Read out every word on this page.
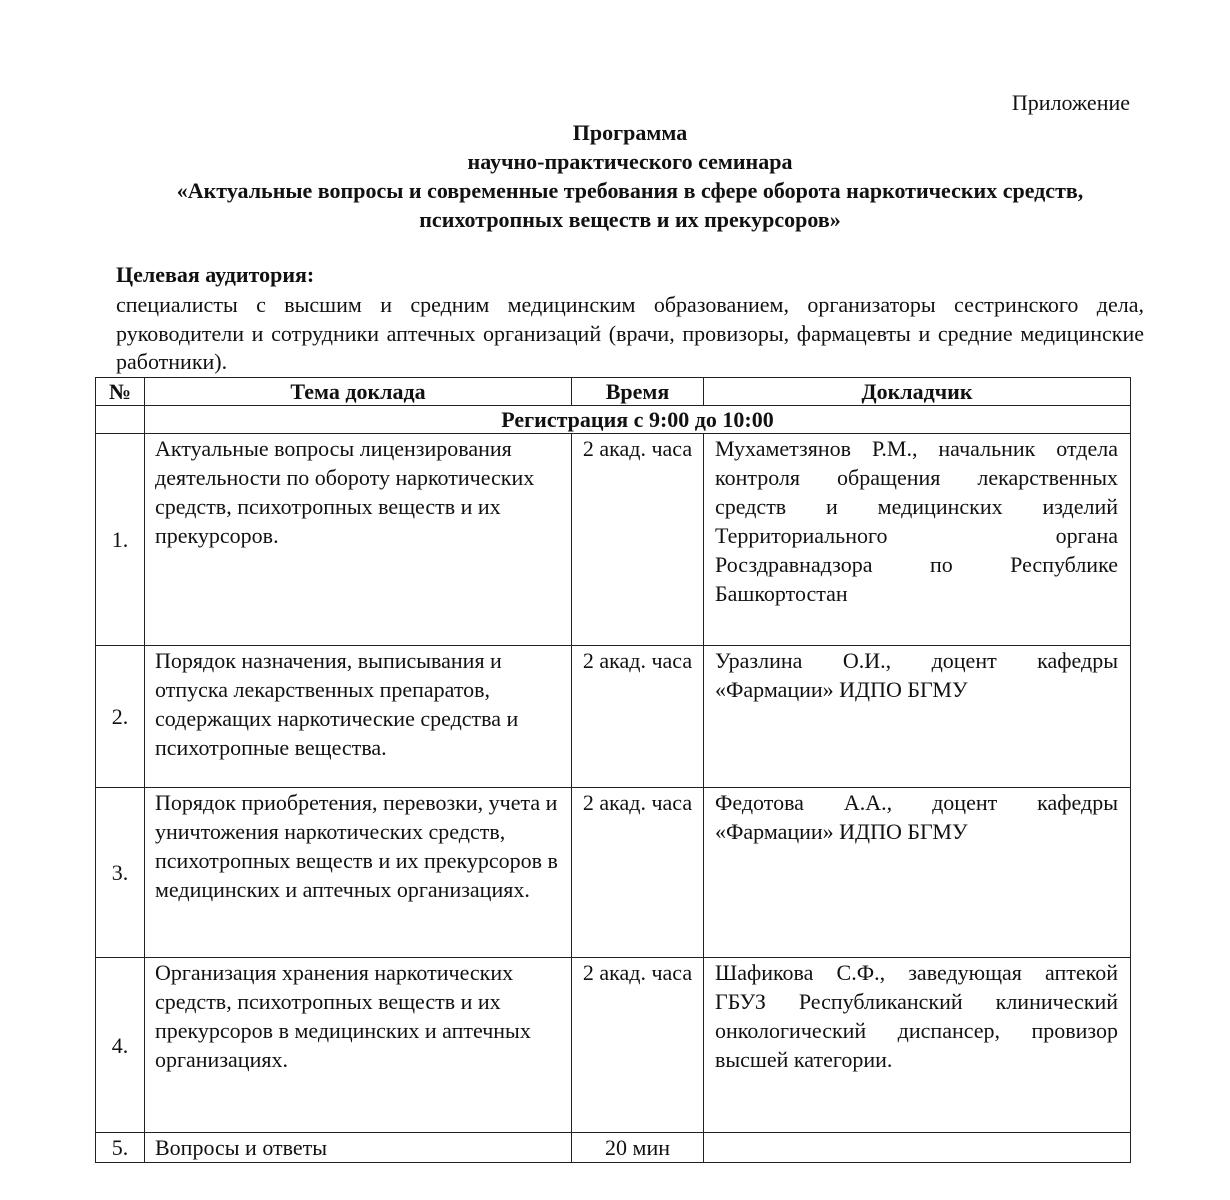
Приложение
Программа
научно-практического семинара
«Актуальные вопросы и современные требования в сфере оборота наркотических средств,
психотропных веществ и их прекурсоров»
Целевая аудитория:
специалисты с высшим и средним медицинским образованием, организаторы сестринского дела, руководители и сотрудники аптечных организаций (врачи, провизоры, фармацевты и средние медицинские работники).
№	Тема доклада	Время	Докладчик
	Регистрация с 9:00 до 10:00		
1.	Актуальные вопросы лицензирования деятельности по обороту наркотических средств, психотропных веществ и их прекурсоров.	2 акад. часа	Мухаметзянов Р.М., начальник отдела контроля обращения лекарственных средств и медицинских изделий Территориального органа Росздравнадзора по Республике Башкортостан
2.	Порядок назначения, выписывания и отпуска лекарственных препаратов, содержащих наркотические средства и психотропные вещества.	2 акад. часа	Уразлина О.И., доцент кафедры «Фармации» ИДПО БГМУ
3.	Порядок приобретения, перевозки, учета и уничтожения наркотических средств, психотропных веществ и их прекурсоров в медицинских и аптечных организациях.	2 акад. часа	Федотова А.А., доцент кафедры «Фармации» ИДПО БГМУ
4.	Организация хранения наркотических средств, психотропных веществ и их прекурсоров в медицинских и аптечных организациях.	2 акад. часа	Шафикова С.Ф., заведующая аптекой ГБУЗ Республиканский клинический онкологический диспансер, провизор высшей категории.
5.	Вопросы и ответы	20 мин	
